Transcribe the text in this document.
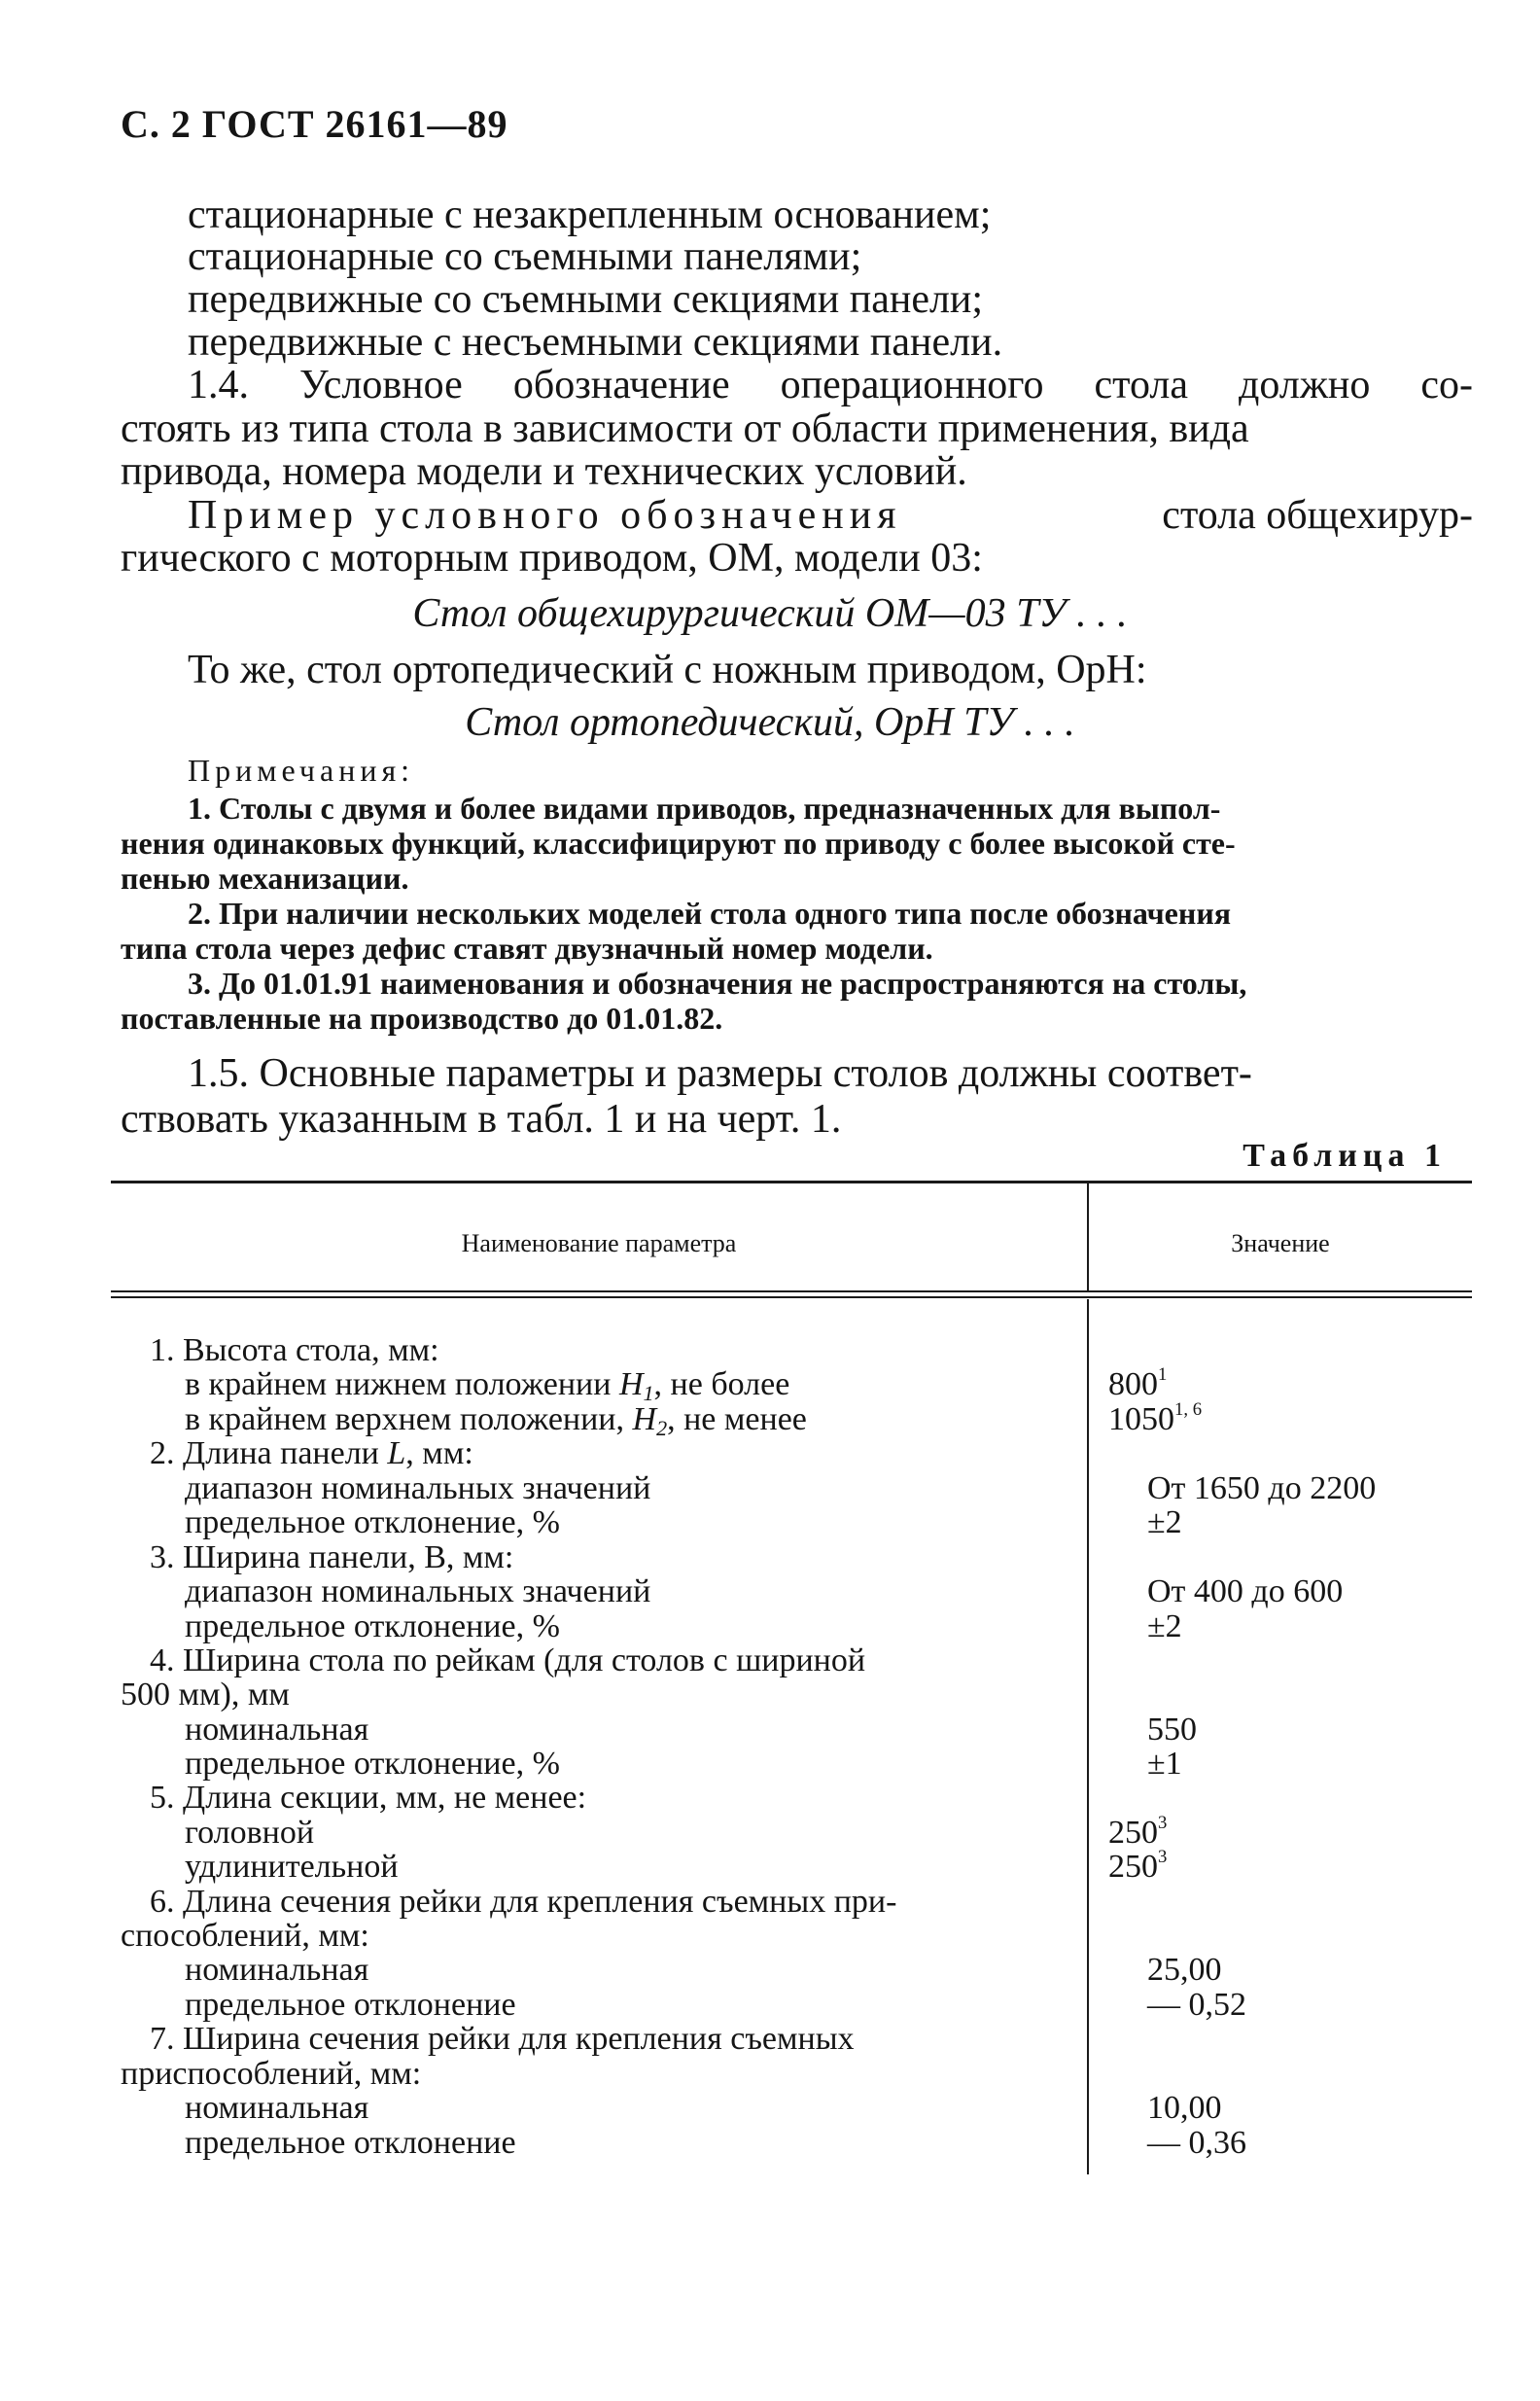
С. 2 ГОСТ 26161—89
стационарные с незакрепленным основанием;
стационарные со съемными панелями;
передвижные со съемными секциями панели;
передвижные с несъемными секциями панели.
1.4. Условное обозначение операционного стола должно со-
стоять из типа стола в зависимости от области применения, вида
привода, номера модели и технических условий.
Пример условного обозначения	стола общехирур-
гического с моторным приводом, ОМ, модели 03:
Стол общехирургический ОМ—03 ТУ . . .
То же, стол ортопедический с ножным приводом, ОрН:
Стол ортопедический, ОрН ТУ . . .
Примечания:
1. Столы с двумя и более видами приводов, предназначенных для выпол-
нения одинаковых функций, классифицируют по приводу с более высокой сте-
пенью механизации.
2. При наличии нескольких моделей стола одного типа после обозначения
типа стола через дефис ставят двузначный номер модели.
3. До 01.01.91 наименования и обозначения не распространяются на столы,
поставленные на производство до 01.01.82.
1.5. Основные параметры и размеры столов должны соответ-
ствовать указанным в табл. 1 и на черт. 1.
Таблица 1
Наименование параметра	Значение
1. Высота стола, мм:
в крайнем нижнем положении $H_1$, не более	$800^1$
в крайнем верхнем положении, $H_2$, не менее	1050$^{1, 6}$
2. Длина панели L, мм:
диапазон номинальных значений	От 1650 до 2200
предельное отклонение, %	±2
3. Ширина панели, В, мм:
диапазон номинальных значений	От 400 до 600
предельное отклонение, %	±2
4. Ширина стола по рейкам (для столов с шириной
500 мм), мм
номинальная	550
предельное отклонение, %	±1
5. Длина секции, мм, не менее:
головной	$250^3$
удлинительной	$250^3$
6. Длина сечения рейки для крепления съемных при-
способлений, мм:
номинальная	25,00
предельное отклонение	— 0,52
7. Ширина сечения рейки для крепления съемных
приспособлений, мм:
номинальная	10,00
предельное отклонение	— 0,36
